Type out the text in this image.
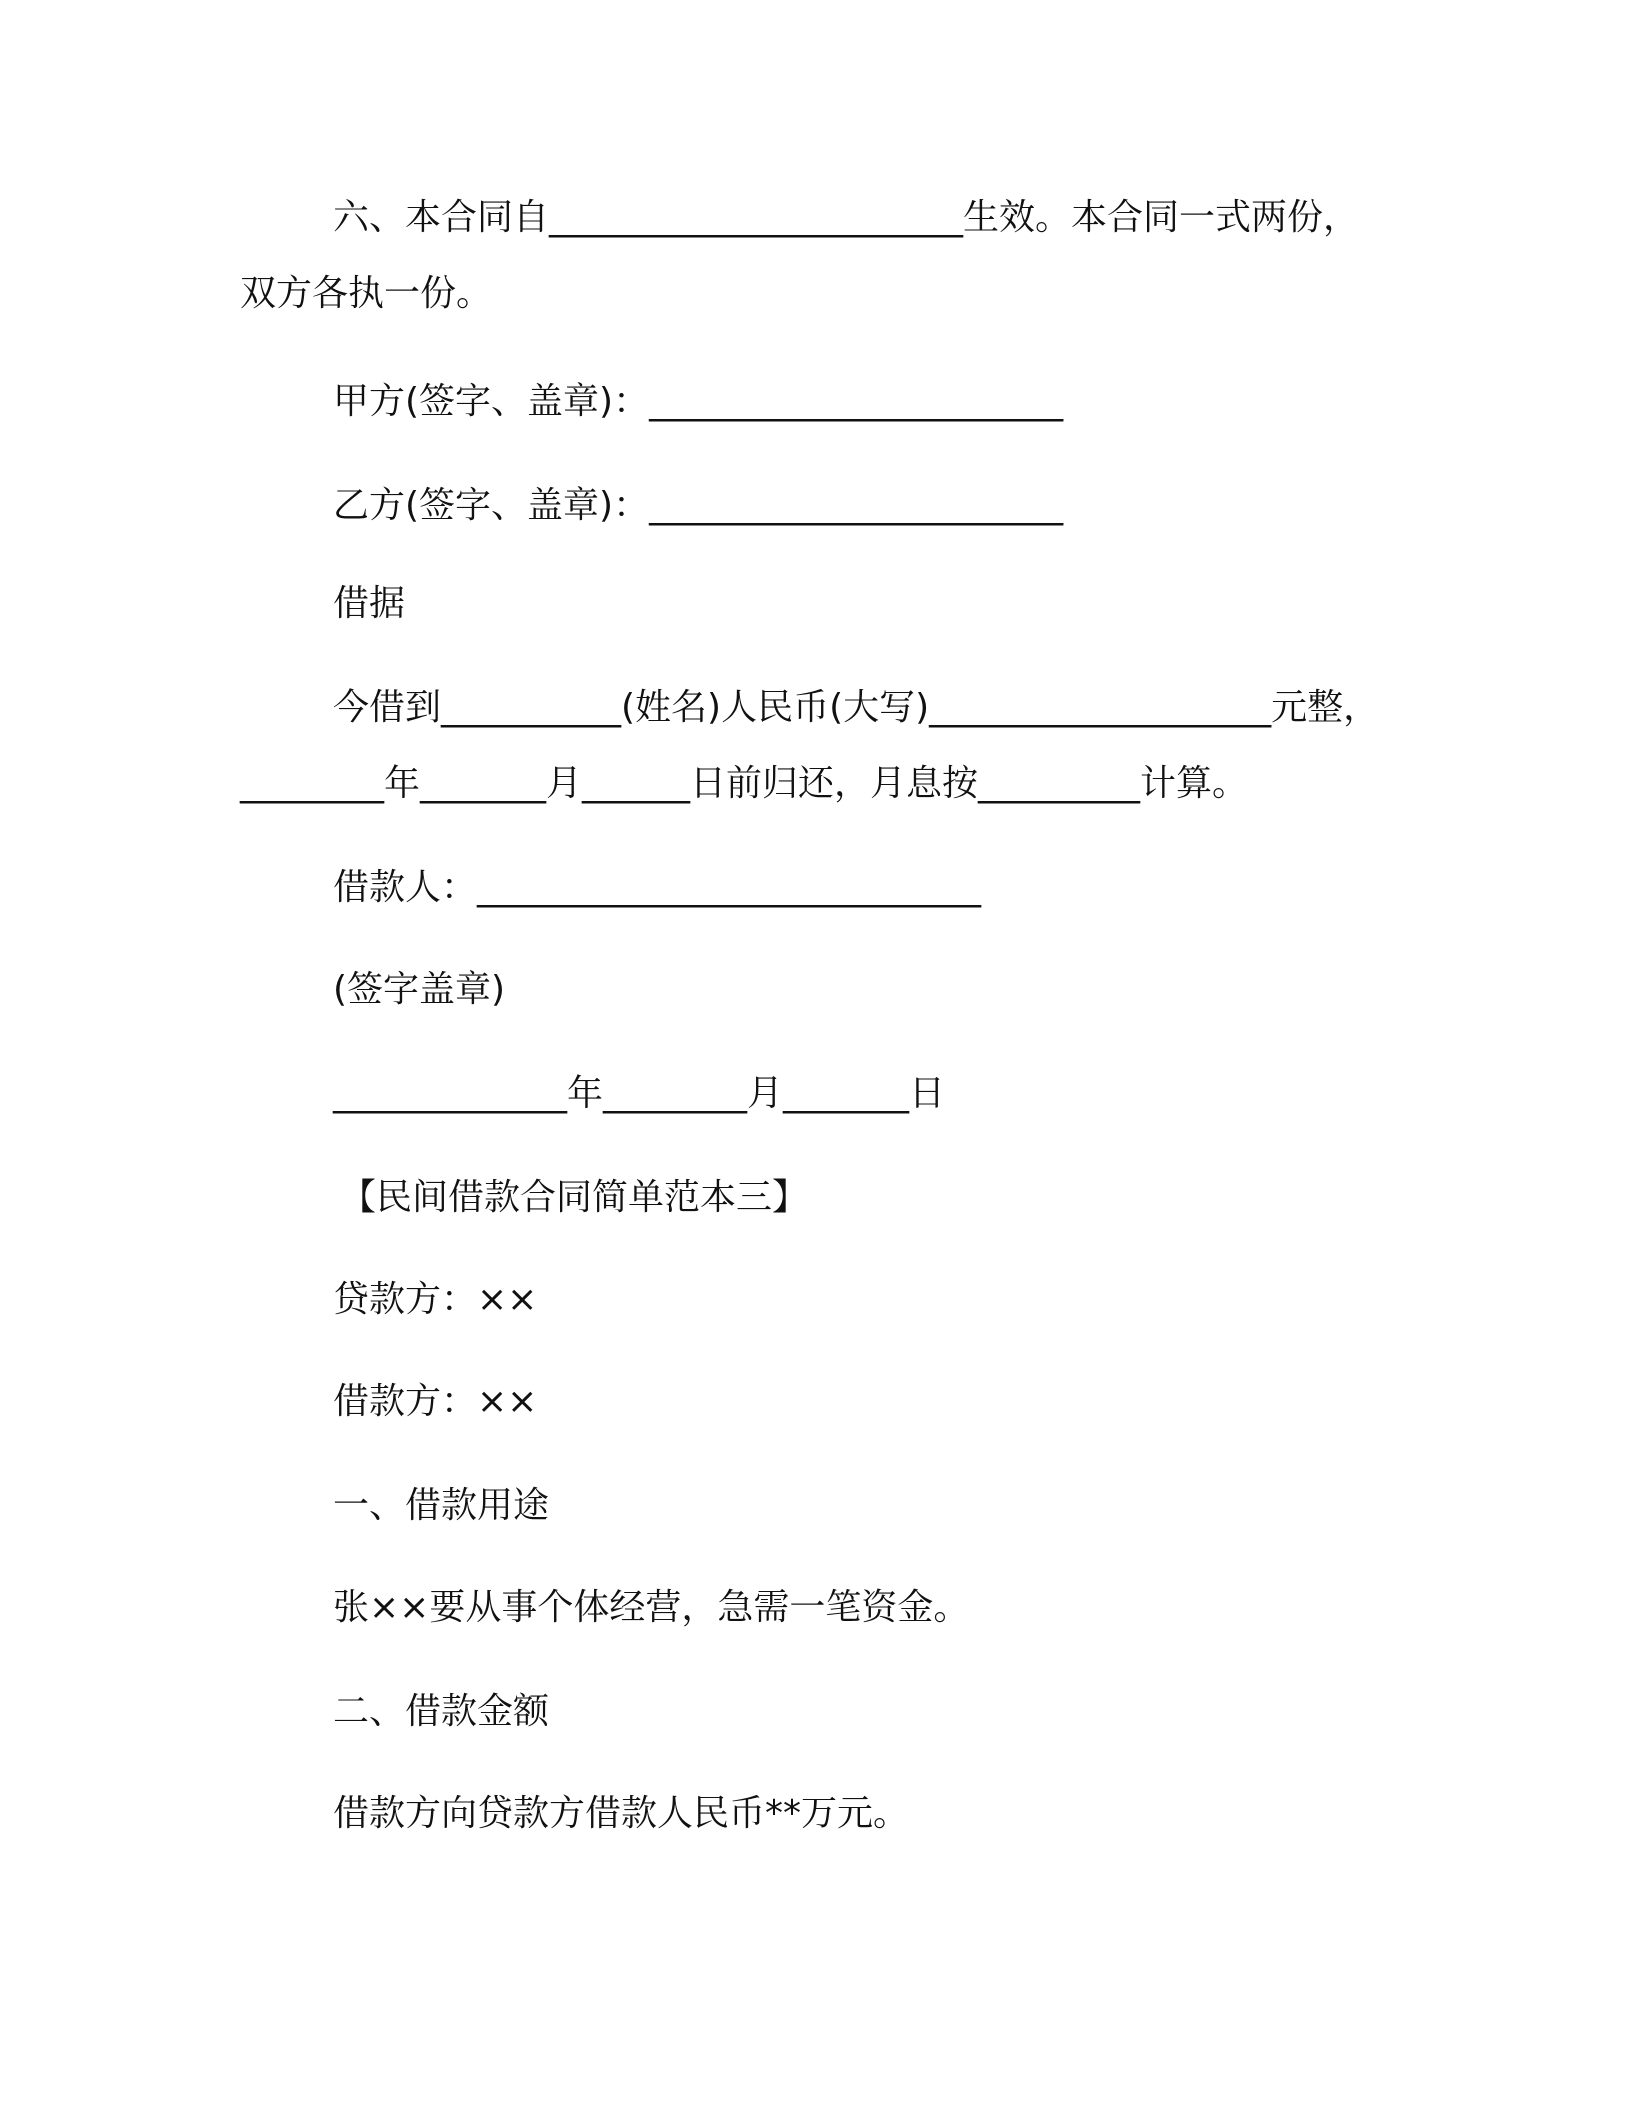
六、本合同自_______________________生效。本合同一式两份，
双方各执一份。
甲方(签字、盖章)：_______________________
乙方(签字、盖章)：_______________________
借据
今借到__________(姓名)人民币(大写)___________________元整，
________年_______月______日前归还，月息按_________计算。
借款人：____________________________
(签字盖章)
_____________年________月_______日
【民间借款合同简单范本三】
贷款方：××
借款方：××
一、借款用途
张××要从事个体经营，急需一笔资金。
二、借款金额
借款方向贷款方借款人民币**万元。
